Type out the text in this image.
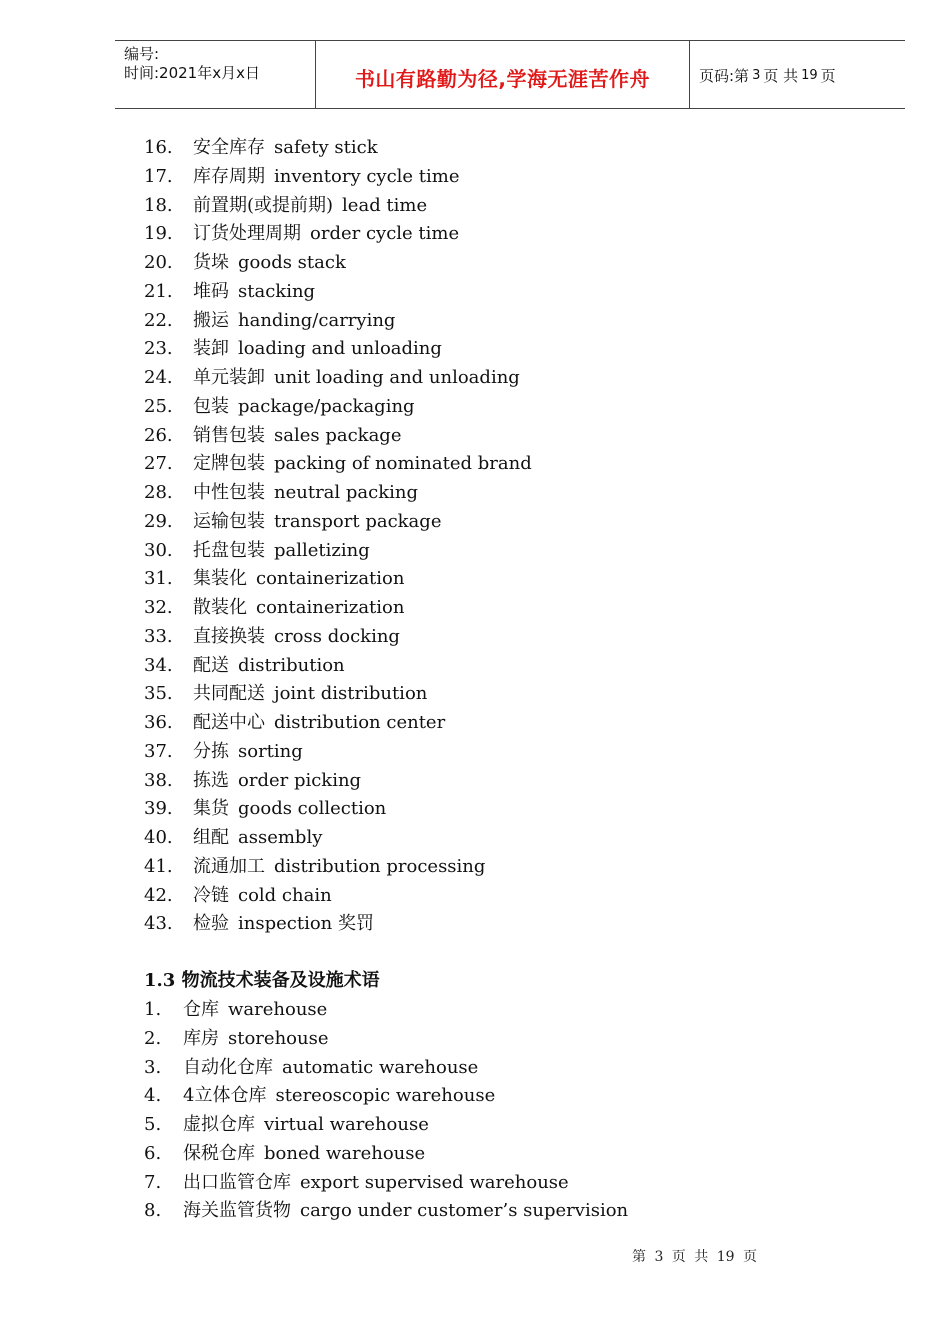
编号:
时间:2021年x月x日	书山有路勤为径,学海无涯苦作舟	页码:第 3 页 共 19 页
16.	安全库存 safety stick
17.	库存周期 inventory cycle time
18.	前置期(或提前期) lead time
19.	订货处理周期 order cycle time
20.	货垛 goods stack
21.	堆码 stacking
22.	搬运 handing/carrying
23.	装卸 loading and unloading
24.	单元装卸 unit loading and unloading
25.	包装 package/packaging
26.	销售包装 sales package
27.	定牌包装 packing of nominated brand
28.	中性包装 neutral packing
29.	运输包装 transport package
30.	托盘包装 palletizing
31.	集装化 containerization
32.	散装化 containerization
33.	直接换装 cross docking
34.	配送 distribution
35.	共同配送 joint distribution
36.	配送中心 distribution center
37.	分拣 sorting
38.	拣选 order picking
39.	集货 goods collection
40.	组配 assembly
41.	流通加工 distribution processing
42.	冷链 cold chain
43.	检验 inspection 奖罚
1.3 物流技术装备及设施术语
1.	仓库 warehouse
2.	库房 storehouse
3.	自动化仓库 automatic warehouse
4.	4立体仓库 stereoscopic warehouse
5.	虚拟仓库 virtual warehouse
6.	保税仓库 boned warehouse
7.	出口监管仓库 export supervised warehouse
8.	海关监管货物 cargo under customer’s supervision
第 3 页 共 19 页
